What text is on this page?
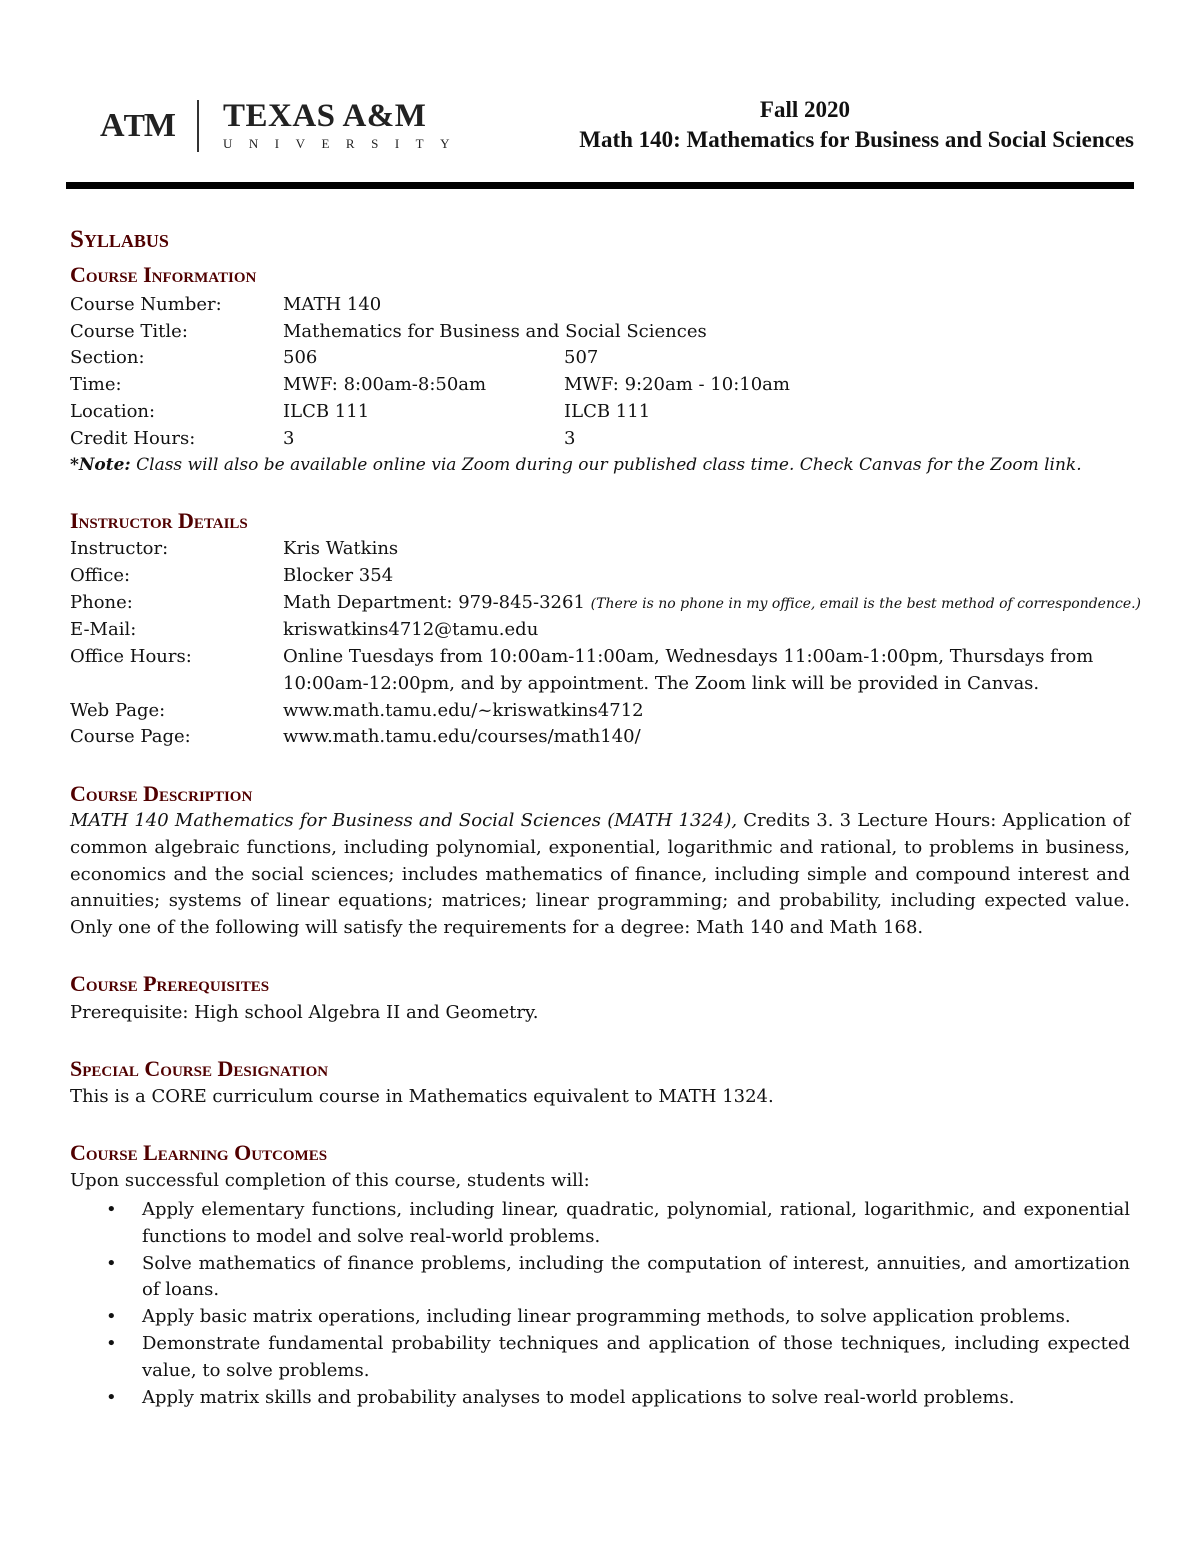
ATM TEXAS A&M
UNIVERSITY
Fall 2020
Math 140: Mathematics for Business and Social Sciences
Syllabus
Course Information
Course Number:	MATH 140
Course Title:	Mathematics for Business and Social Sciences
Section:	506	507
Time:	MWF: 8:00am-8:50am	MWF: 9:20am - 10:10am
Location:	ILCB 111	ILCB 111
Credit Hours:	3	3
*Note: Class will also be available online via Zoom during our published class time. Check Canvas for the Zoom link.
Instructor Details
Instructor:	Kris Watkins
Office:	Blocker 354
Phone:	Math Department: 979-845-3261 (There is no phone in my office, email is the best method of correspondence.)
E-Mail:	kriswatkins4712@tamu.edu
Office Hours:	Online Tuesdays from 10:00am-11:00am, Wednesdays 11:00am-1:00pm, Thursdays from
10:00am-12:00pm, and by appointment. The Zoom link will be provided in Canvas.
Web Page:	www.math.tamu.edu/~kriswatkins4712
Course Page:	www.math.tamu.edu/courses/math140/
Course Description
MATH 140 Mathematics for Business and Social Sciences (MATH 1324), Credits 3. 3 Lecture Hours: Application of common algebraic functions, including polynomial, exponential, logarithmic and rational, to problems in business, economics and the social sciences; includes mathematics of finance, including simple and compound interest and annuities; systems of linear equations; matrices; linear programming; and probability, including expected value. Only one of the following will satisfy the requirements for a degree: Math 140 and Math 168.
Course Prerequisites
Prerequisite: High school Algebra II and Geometry.
Special Course Designation
This is a CORE curriculum course in Mathematics equivalent to MATH 1324.
Course Learning Outcomes
Upon successful completion of this course, students will:
• Apply elementary functions, including linear, quadratic, polynomial, rational, logarithmic, and exponential functions to model and solve real-world problems.
• Solve mathematics of finance problems, including the computation of interest, annuities, and amortization of loans.
• Apply basic matrix operations, including linear programming methods, to solve application problems.
• Demonstrate fundamental probability techniques and application of those techniques, including expected value, to solve problems.
• Apply matrix skills and probability analyses to model applications to solve real-world problems.
